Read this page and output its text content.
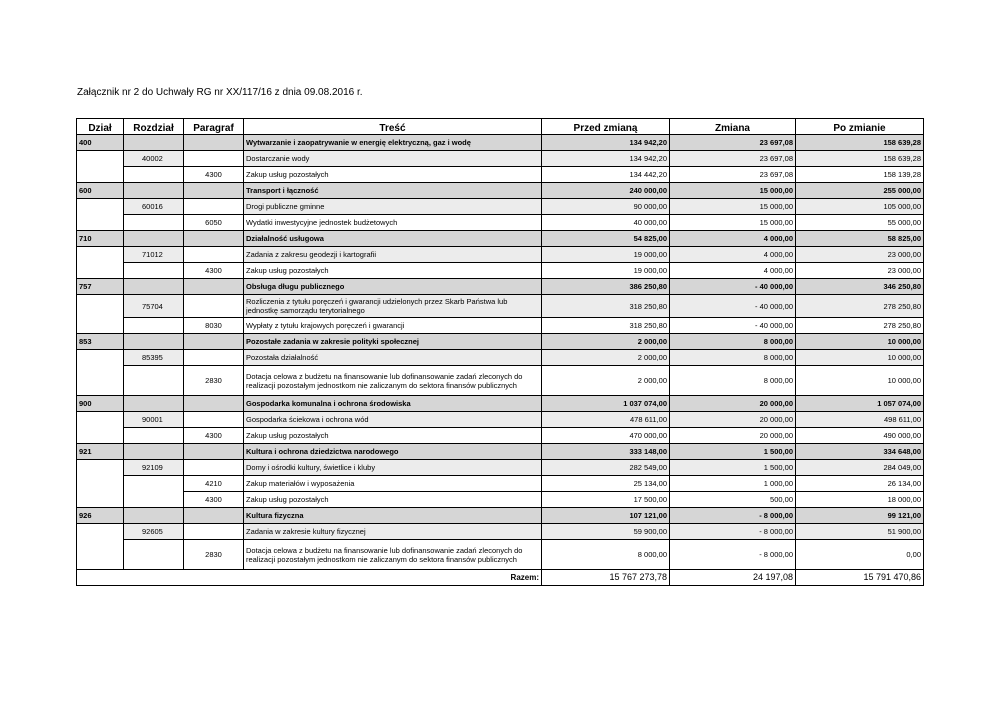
Załącznik nr 2 do Uchwały RG nr XX/117/16 z dnia 09.08.2016 r.
Dział	Rozdział	Paragraf	Treść	Przed zmianą	Zmiana	Po zmianie
400			Wytwarzanie i zaopatrywanie w energię elektryczną, gaz i wodę	134 942,20	23 697,08	158 639,28
	40002		Dostarczanie wody	134 942,20	23 697,08	158 639,28
		4300	Zakup usług pozostałych	134 442,20	23 697,08	158 139,28
600			Transport i łączność	240 000,00	15 000,00	255 000,00
	60016		Drogi publiczne gminne	90 000,00	15 000,00	105 000,00
		6050	Wydatki inwestycyjne jednostek budżetowych	40 000,00	15 000,00	55 000,00
710			Działalność usługowa	54 825,00	4 000,00	58 825,00
	71012		Zadania z zakresu geodezji i kartografii	19 000,00	4 000,00	23 000,00
		4300	Zakup usług pozostałych	19 000,00	4 000,00	23 000,00
757			Obsługa długu publicznego	386 250,80	- 40 000,00	346 250,80
	75704		Rozliczenia z tytułu poręczeń i gwarancji udzielonych przez Skarb Państwa lub jednostkę samorządu terytorialnego	318 250,80	- 40 000,00	278 250,80
		8030	Wypłaty z tytułu krajowych poręczeń i gwarancji	318 250,80	- 40 000,00	278 250,80
853			Pozostałe zadania w zakresie polityki społecznej	2 000,00	8 000,00	10 000,00
	85395		Pozostała działalność	2 000,00	8 000,00	10 000,00
		2830	Dotacja celowa z budżetu na finansowanie lub dofinansowanie zadań zleconych do realizacji pozostałym jednostkom nie zaliczanym do sektora finansów publicznych	2 000,00	8 000,00	10 000,00
900			Gospodarka komunalna i ochrona środowiska	1 037 074,00	20 000,00	1 057 074,00
	90001		Gospodarka ściekowa i ochrona wód	478 611,00	20 000,00	498 611,00
		4300	Zakup usług pozostałych	470 000,00	20 000,00	490 000,00
921			Kultura i ochrona dziedzictwa narodowego	333 148,00	1 500,00	334 648,00
	92109		Domy i ośrodki kultury, świetlice i kluby	282 549,00	1 500,00	284 049,00
		4210	Zakup materiałów i wyposażenia	25 134,00	1 000,00	26 134,00
		4300	Zakup usług pozostałych	17 500,00	500,00	18 000,00
926			Kultura fizyczna	107 121,00	- 8 000,00	99 121,00
	92605		Zadania w zakresie kultury fizycznej	59 900,00	- 8 000,00	51 900,00
		2830	Dotacja celowa z budżetu na finansowanie lub dofinansowanie zadań zleconych do realizacji pozostałym jednostkom nie zaliczanym do sektora finansów publicznych	8 000,00	- 8 000,00	0,00
Razem:				15 767 273,78	24 197,08	15 791 470,86
